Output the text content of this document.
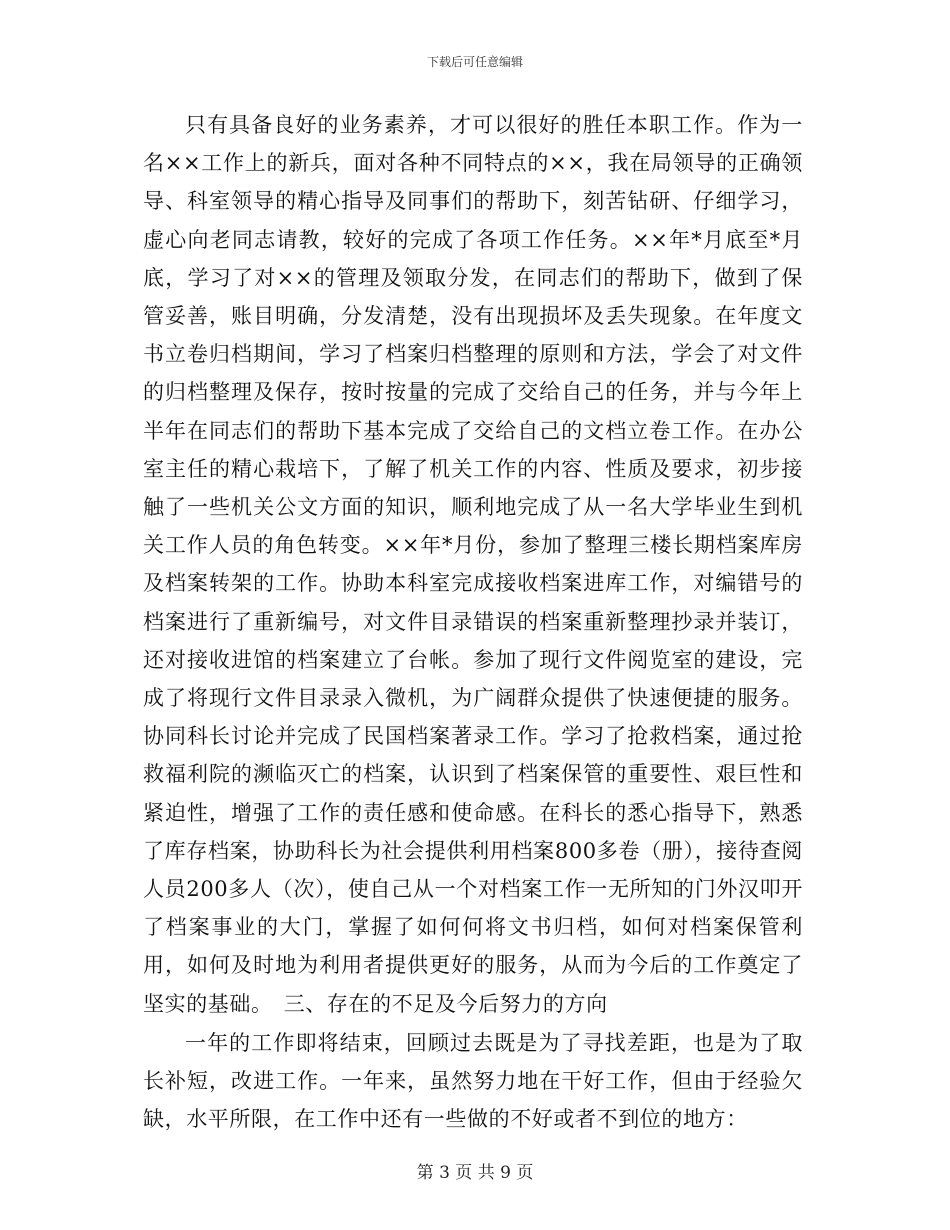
下载后可任意编辑

只有具备良好的业务素养，才可以很好的胜任本职工作。作为一名××工作上的新兵，面对各种不同特点的××，我在局领导的正确领导、科室领导的精心指导及同事们的帮助下，刻苦钻研、仔细学习，虚心向老同志请教，较好的完成了各项工作任务。××年*月底至*月底，学习了对××的管理及领取分发，在同志们的帮助下，做到了保管妥善，账目明确，分发清楚，没有出现损坏及丢失现象。在年度文书立卷归档期间，学习了档案归档整理的原则和方法，学会了对文件的归档整理及保存，按时按量的完成了交给自己的任务，并与今年上半年在同志们的帮助下基本完成了交给自己的文档立卷工作。在办公室主任的精心栽培下，了解了机关工作的内容、性质及要求，初步接触了一些机关公文方面的知识，顺利地完成了从一名大学毕业生到机关工作人员的角色转变。××年*月份，参加了整理三楼长期档案库房及档案转架的工作。协助本科室完成接收档案进库工作，对编错号的档案进行了重新编号，对文件目录错误的档案重新整理抄录并装订，还对接收进馆的档案建立了台帐。参加了现行文件阅览室的建设，完成了将现行文件目录录入微机，为广阔群众提供了快速便捷的服务。协同科长讨论并完成了民国档案著录工作。学习了抢救档案，通过抢救福利院的濒临灭亡的档案，认识到了档案保管的重要性、艰巨性和紧迫性，增强了工作的责任感和使命感。在科长的悉心指导下，熟悉了库存档案，协助科长为社会提供利用档案800多卷（册），接待查阅人员200多人（次），使自己从一个对档案工作一无所知的门外汉叩开了档案事业的大门，掌握了如何何将文书归档，如何对档案保管利用，如何及时地为利用者提供更好的服务，从而为今后的工作奠定了坚实的基础。　三、存在的不足及今后努力的方向

一年的工作即将结束，回顾过去既是为了寻找差距，也是为了取长补短，改进工作。一年来，虽然努力地在干好工作，但由于经验欠缺，水平所限，在工作中还有一些做的不好或者不到位的地方：

第 3 页 共 9 页
